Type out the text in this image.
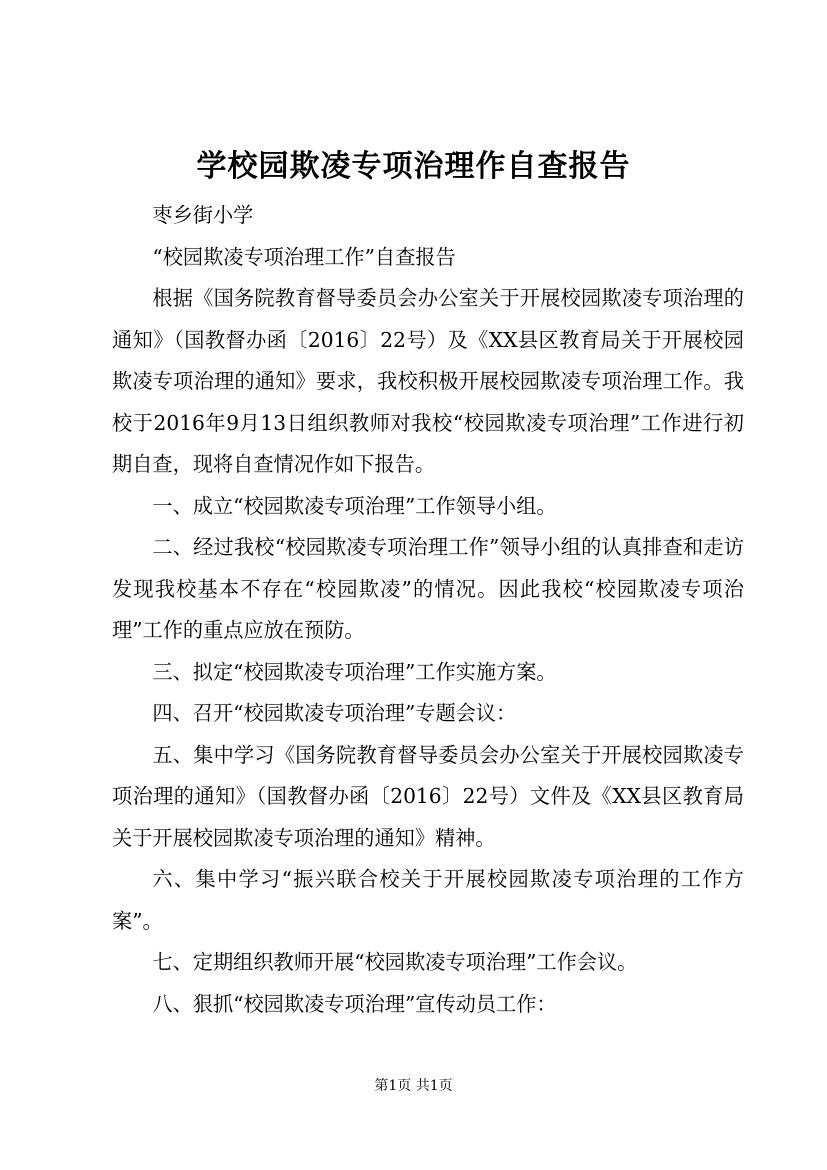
学校园欺凌专项治理作自查报告

枣乡街小学

“校园欺凌专项治理工作”自查报告

根据《国务院教育督导委员会办公室关于开展校园欺凌专项治理的通知》（国教督办函〔2016〕22号）及《XX县区教育局关于开展校园欺凌专项治理的通知》要求，我校积极开展校园欺凌专项治理工作。我校于2016年9月13日组织教师对我校“校园欺凌专项治理”工作进行初期自查，现将自查情况作如下报告。

一、成立“校园欺凌专项治理”工作领导小组。

二、经过我校“校园欺凌专项治理工作”领导小组的认真排查和走访发现我校基本不存在“校园欺凌”的情况。因此我校“校园欺凌专项治理”工作的重点应放在预防。

三、拟定“校园欺凌专项治理”工作实施方案。

四、召开“校园欺凌专项治理”专题会议：

五、集中学习《国务院教育督导委员会办公室关于开展校园欺凌专项治理的通知》（国教督办函〔2016〕22号）文件及《XX县区教育局关于开展校园欺凌专项治理的通知》精神。

六、集中学习“振兴联合校关于开展校园欺凌专项治理的工作方案”。

七、定期组织教师开展“校园欺凌专项治理”工作会议。

八、狠抓“校园欺凌专项治理”宣传动员工作：

第1页 共1页
